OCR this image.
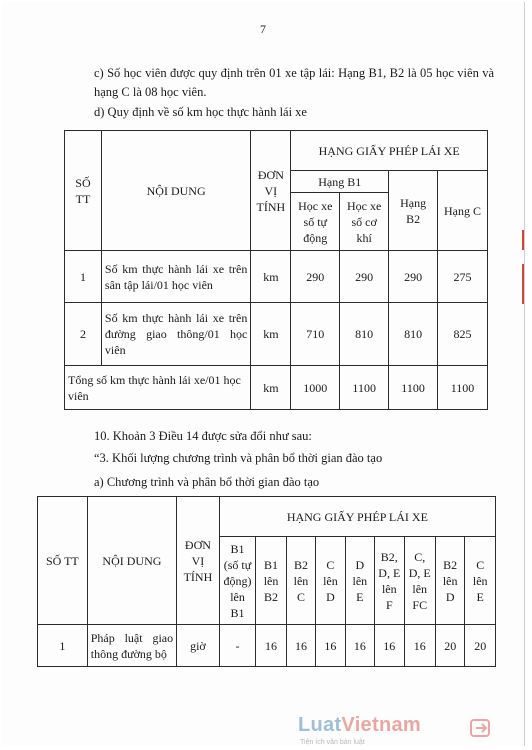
7

c) Số học viên được quy định trên 01 xe tập lái: Hạng B1, B2 là 05 học viên và hạng C là 08 học viên.

d) Quy định về số km học thực hành lái xe

SỐ TT	NỘI DUNG	ĐƠN VỊ TÍNH	HẠNG GIẤY PHÉP LÁI XE			
			Hạng B1		Hạng B2	Hạng C
			Học xe số tự động	Học xe số cơ khí		
1	Số km thực hành lái xe trên sân tập lái/01 học viên	km	290	290	290	275
2	Số km thực hành lái xe trên đường giao thông/01 học viên	km	710	810	810	825
Tổng số km thực hành lái xe/01 học viên		km	1000	1100	1100	1100

10. Khoản 3 Điều 14 được sửa đổi như sau:

“3. Khối lượng chương trình và phân bổ thời gian đào tạo

a) Chương trình và phân bổ thời gian đào tạo

SỐ TT	NỘI DUNG	ĐƠN VỊ TÍNH	HẠNG GIẤY PHÉP LÁI XE								
			B1 (số tự động) lên B1	B1 lên B2	B2 lên C	C lên D	D lên E	B2, D, E lên F	C, D, E lên FC	B2 lên D	C lên E
1	Pháp luật giao thông đường bộ	giờ	-	16	16	16	16	16	16	20	20
LuatVietnam
Tiện ích văn bản luật
